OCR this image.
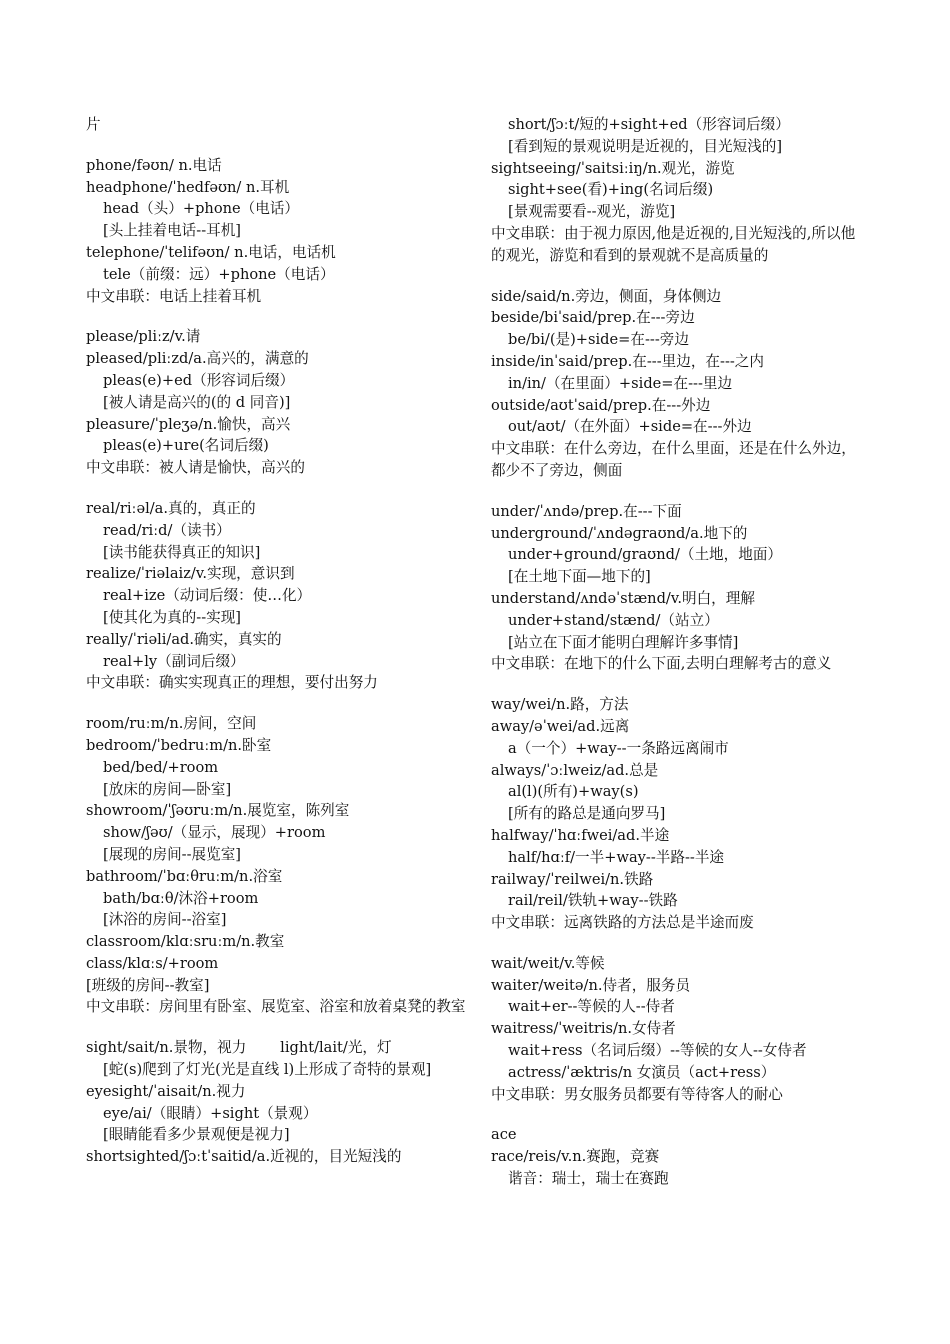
片
phone/fəʊn/ n.电话
headphone/ˈhedfəʊn/ n.耳机
head（头）+phone（电话）
[头上挂着电话--耳机]
telephone/ˈtelifəʊn/ n.电话，电话机
tele（前缀：远）+phone（电话）
中文串联：电话上挂着耳机
please/pliːz/v.请
pleased/pliːzd/a.高兴的，满意的
pleas(e)+ed（形容词后缀）
[被人请是高兴的(的 d 同音)]
pleasure/ˈpleʒə/n.愉快，高兴
pleas(e)+ure(名词后缀)
中文串联：被人请是愉快，高兴的
real/riːəl/a.真的，真正的
read/riːd/（读书）
[读书能获得真正的知识]
realize/ˈriəlaiz/v.实现，意识到
real+ize（动词后缀：使…化）
[使其化为真的--实现]
really/ˈriəli/ad.确实，真实的
real+ly（副词后缀）
中文串联：确实实现真正的理想，要付出努力
room/ruːm/n.房间，空间
bedroom/ˈbedruːm/n.卧室
bed/bed/+room
[放床的房间—卧室]
showroom/ˈʃəʊruːm/n.展览室，陈列室
show/ʃəʊ/（显示，展现）+room
[展现的房间--展览室]
bathroom/ˈbɑːθruːm/n.浴室
bath/bɑːθ/沐浴+room
[沐浴的房间--浴室]
classroom/klɑːsruːm/n.教室
class/klɑːs/+room
[班级的房间--教室]
中文串联：房间里有卧室、展览室、浴室和放着桌凳的教室
sight/sait/n.景物，视力　　 light/lait/光，灯
[蛇(s)爬到了灯光(光是直线 l)上形成了奇特的景观]
eyesight/ˈaisait/n.视力
eye/ai/（眼睛）+sight（景观）
[眼睛能看多少景观便是视力]
shortsighted/ʃɔːtˈsaitid/a.近视的，目光短浅的
short/ʃɔːt/短的+sight+ed（形容词后缀）
[看到短的景观说明是近视的，目光短浅的]
sightseeing/ˈsaitsiːiŋ/n.观光，游览
sight+see(看)+ing(名词后缀)
[景观需要看--观光，游览]
中文串联：由于视力原因,他是近视的,目光短浅的,所以他的观光，游览和看到的景观就不是高质量的
side/said/n.旁边，侧面，身体侧边
beside/biˈsaid/prep.在---旁边
be/bi/(是)+side=在---旁边
inside/inˈsaid/prep.在---里边，在---之内
in/in/（在里面）+side=在---里边
outside/aʊtˈsaid/prep.在---外边
out/aʊt/（在外面）+side=在---外边
中文串联：在什么旁边，在什么里面，还是在什么外边，都少不了旁边，侧面
under/ˈʌndə/prep.在---下面
underground/ˈʌndəɡraʊnd/a.地下的
under+ground/ɡraʊnd/（土地，地面）
[在土地下面—地下的]
understand/ʌndəˈstænd/v.明白，理解
under+stand/stænd/（站立）
[站立在下面才能明白理解许多事情]
中文串联：在地下的什么下面,去明白理解考古的意义
way/wei/n.路，方法
away/əˈwei/ad.远离
a（一个）+way--一条路远离闹市
always/ˈɔːlweiz/ad.总是
al(l)(所有)+way(s)
[所有的路总是通向罗马]
halfway/ˈhɑːfwei/ad.半途
half/hɑːf/一半+way--半路--半途
railway/ˈreilwei/n.铁路
rail/reil/铁轨+way--铁路
中文串联：远离铁路的方法总是半途而废
wait/weit/v.等候
waiter/weitə/n.侍者，服务员
wait+er--等候的人--侍者
waitress/ˈweitris/n.女侍者
wait+ress（名词后缀）--等候的女人--女侍者
actress/ˈæktris/n 女演员（act+ress）
中文串联：男女服务员都要有等待客人的耐心
ace
race/reis/v.n.赛跑，竞赛
谐音：瑞士，瑞士在赛跑
